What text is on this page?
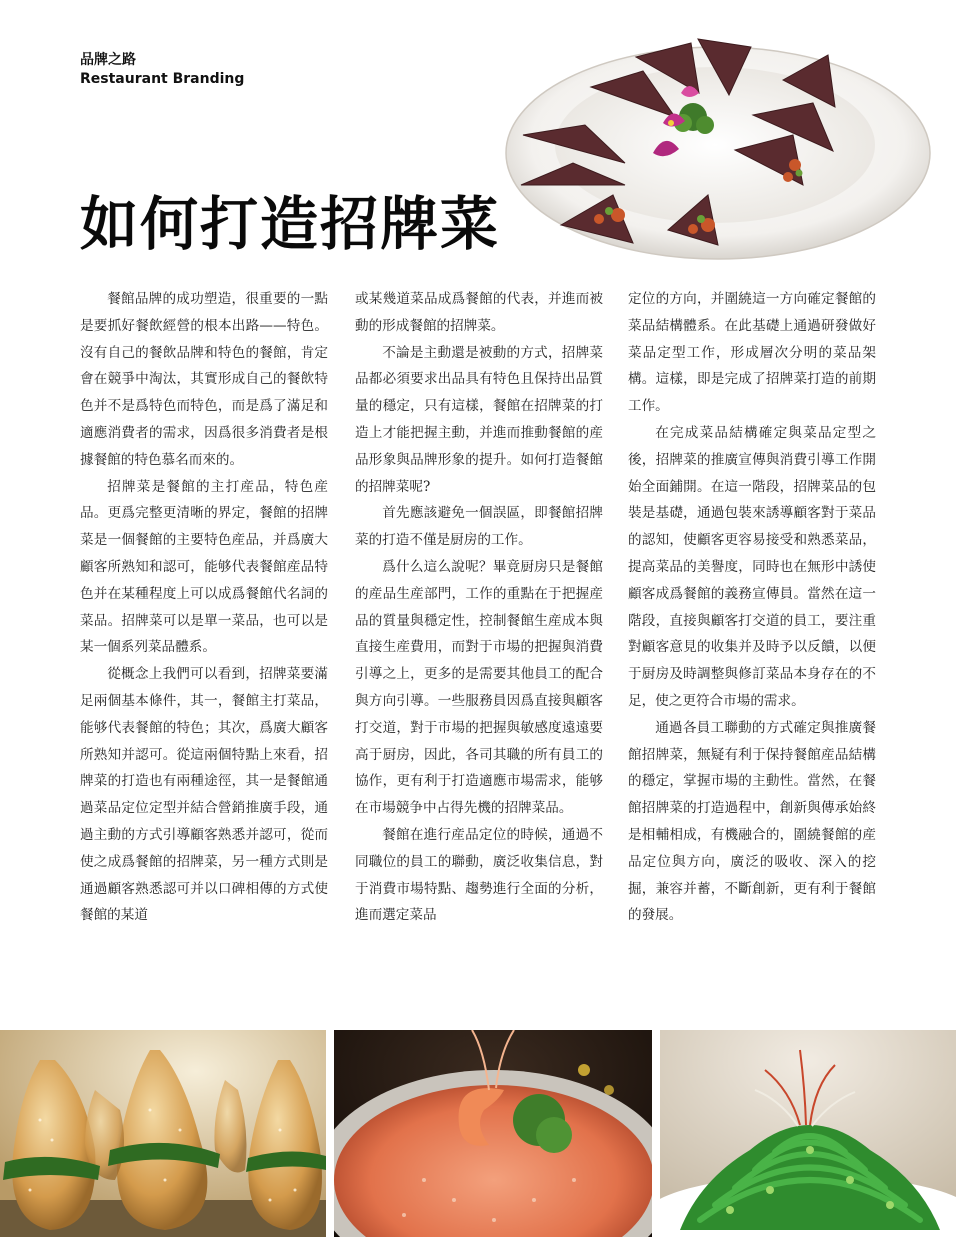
品牌之路
Restaurant Branding
如何打造招牌菜

餐館品牌的成功塑造，很重要的一點是要抓好餐飲經營的根本出路——特色。沒有自己的餐飲品牌和特色的餐館，肯定會在競爭中淘汰，其實形成自己的餐飲特色并不是爲特色而特色，而是爲了滿足和適應消費者的需求，因爲很多消費者是根據餐館的特色慕名而來的。

招牌菜是餐館的主打産品，特色産品。更爲完整更清晰的界定，餐館的招牌菜是一個餐館的主要特色産品，并爲廣大顧客所熟知和認可，能够代表餐館産品特色并在某種程度上可以成爲餐館代名詞的菜品。招牌菜可以是單一菜品，也可以是某一個系列菜品體系。

從概念上我們可以看到，招牌菜要滿足兩個基本條件，其一，餐館主打菜品，能够代表餐館的特色；其次，爲廣大顧客所熟知并認可。從這兩個特點上來看，招牌菜的打造也有兩種途徑，其一是餐館通過菜品定位定型并結合營銷推廣手段，通過主動的方式引導顧客熟悉并認可，從而使之成爲餐館的招牌菜，另一種方式則是通過顧客熟悉認可并以口碑相傳的方式使餐館的某道

或某幾道菜品成爲餐館的代表，并進而被動的形成餐館的招牌菜。

不論是主動還是被動的方式，招牌菜品都必須要求出品具有特色且保持出品質量的穩定，只有這樣，餐館在招牌菜的打造上才能把握主動，并進而推動餐館的産品形象與品牌形象的提升。如何打造餐館的招牌菜呢?

首先應該避免一個誤區，即餐館招牌菜的打造不僅是厨房的工作。

爲什么這么說呢？畢竟厨房只是餐館的産品生産部門，工作的重點在于把握産品的質量與穩定性，控制餐館生産成本與直接生産費用，而對于市場的把握與消費引導之上，更多的是需要其他員工的配合與方向引導。一些服務員因爲直接與顧客打交道，對于市場的把握與敏感度遠遠要高于厨房，因此，各司其職的所有員工的協作，更有利于打造適應市場需求，能够在市場競争中占得先機的招牌菜品。

餐館在進行産品定位的時候，通過不同職位的員工的聯動，廣泛收集信息，對于消費市場特點、趨勢進行全面的分析，進而選定菜品

定位的方向，并圍繞這一方向確定餐館的菜品結構體系。在此基礎上通過研發做好菜品定型工作，形成層次分明的菜品架構。這樣，即是完成了招牌菜打造的前期工作。

在完成菜品結構確定與菜品定型之後，招牌菜的推廣宣傳與消費引導工作開始全面鋪開。在這一階段，招牌菜品的包裝是基礎，通過包裝來誘導顧客對于菜品的認知，使顧客更容易接受和熟悉菜品，提高菜品的美譽度，同時也在無形中誘使顧客成爲餐館的義務宣傳員。當然在這一階段，直接與顧客打交道的員工，要注重對顧客意見的收集并及時予以反饋，以便于厨房及時調整與修訂菜品本身存在的不足，使之更符合市場的需求。

通過各員工聯動的方式確定與推廣餐館招牌菜，無疑有利于保持餐館産品結構的穩定，掌握市場的主動性。當然，在餐館招牌菜的打造過程中，創新與傳承始終是相輔相成，有機融合的，圍繞餐館的産品定位與方向，廣泛的吸收、深入的挖掘，兼容并蓄，不斷創新，更有利于餐館的發展。
